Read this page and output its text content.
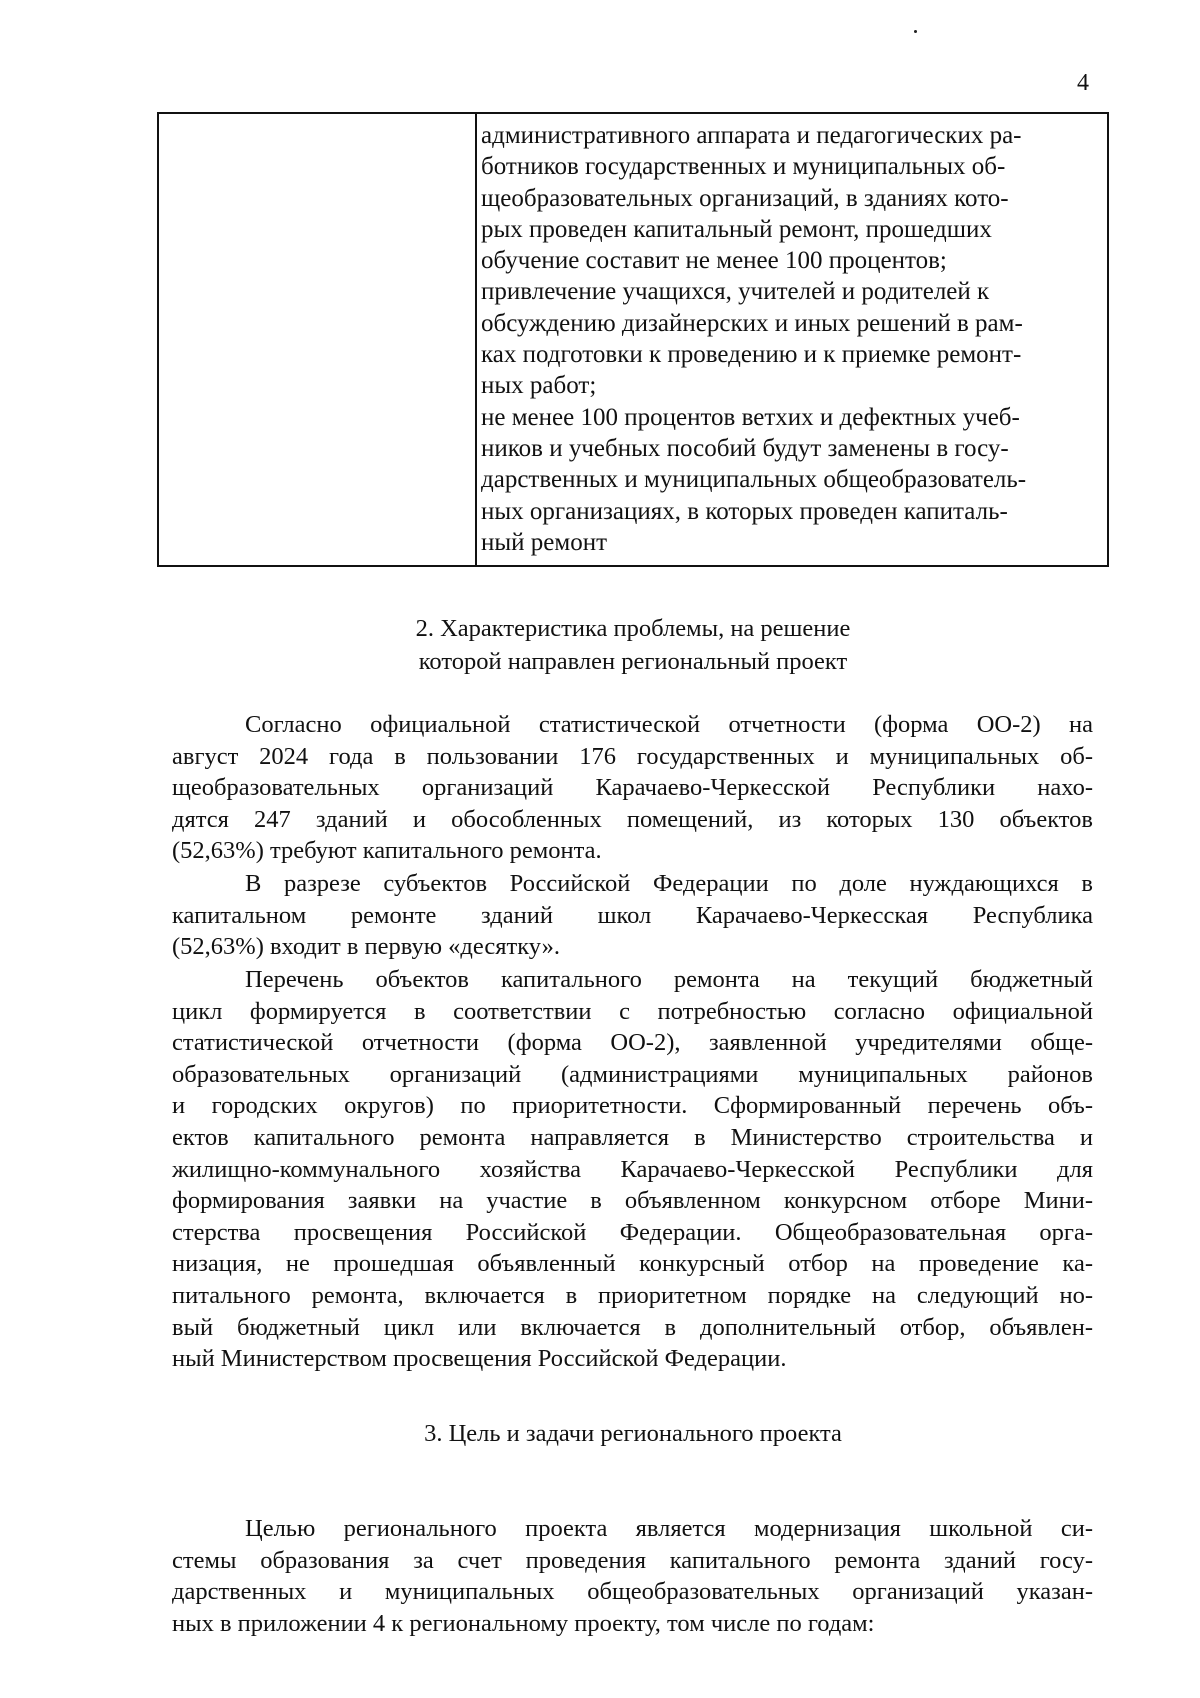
4
административного аппарата и педагогических ра-
ботников государственных и муниципальных об-
щеобразовательных организаций, в зданиях кото-
рых проведен капитальный ремонт, прошедших
обучение составит не менее 100 процентов;
привлечение учащихся, учителей и родителей к
обсуждению дизайнерских и иных решений в рам-
ках подготовки к проведению и к приемке ремонт-
ных работ;
не менее 100 процентов ветхих и дефектных учеб-
ников и учебных пособий будут заменены в госу-
дарственных и муниципальных общеобразователь-
ных организациях, в которых проведен капиталь-
ный ремонт
2. Характеристика проблемы, на решение
которой направлен региональный проект
Согласно официальной статистической отчетности (форма ОО-2) на
август 2024 года в пользовании 176 государственных и муниципальных об-
щеобразовательных организаций Карачаево-Черкесской Республики нахо-
дятся 247 зданий и обособленных помещений, из которых 130 объектов
(52,63%) требуют капитального ремонта.
В разрезе субъектов Российской Федерации по доле нуждающихся в
капитальном ремонте зданий школ Карачаево-Черкесская Республика
(52,63%) входит в первую «десятку».
Перечень объектов капитального ремонта на текущий бюджетный
цикл формируется в соответствии с потребностью согласно официальной
статистической отчетности (форма ОО-2), заявленной учредителями обще-
образовательных организаций (администрациями муниципальных районов
и городских округов) по приоритетности. Сформированный перечень объ-
ектов капитального ремонта направляется в Министерство строительства и
жилищно-коммунального хозяйства Карачаево-Черкесской Республики для
формирования заявки на участие в объявленном конкурсном отборе Мини-
стерства просвещения Российской Федерации. Общеобразовательная орга-
низация, не прошедшая объявленный конкурсный отбор на проведение ка-
питального ремонта, включается в приоритетном порядке на следующий но-
вый бюджетный цикл или включается в дополнительный отбор, объявлен-
ный Министерством просвещения Российской Федерации.
3. Цель и задачи регионального проекта
Целью регионального проекта является модернизация школьной си-
стемы образования за счет проведения капитального ремонта зданий госу-
дарственных и муниципальных общеобразовательных организаций указан-
ных в приложении 4 к региональному проекту, том числе по годам:
